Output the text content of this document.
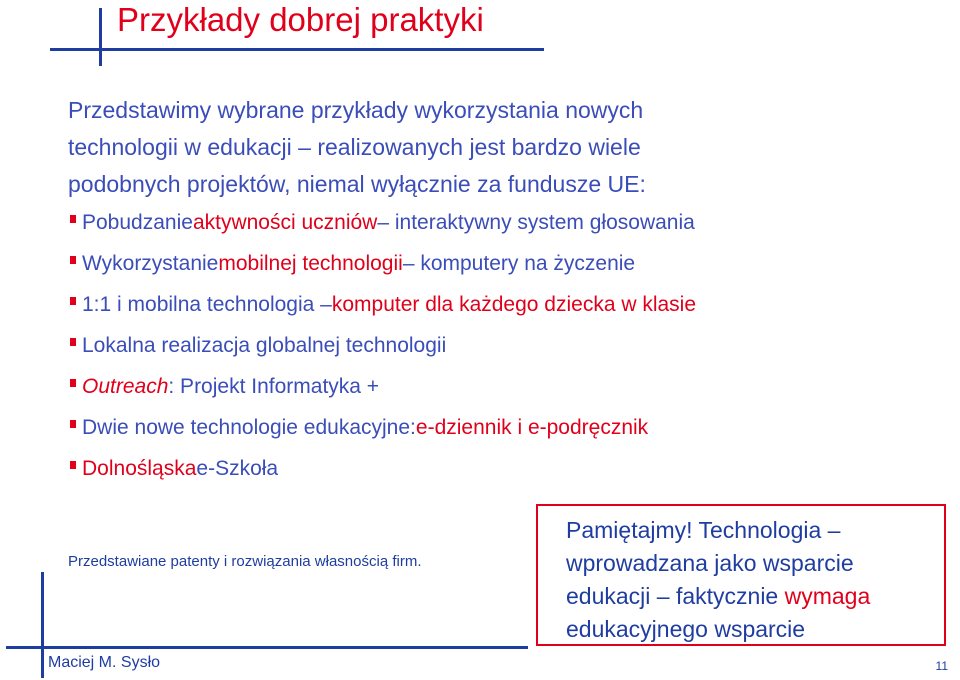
Przykłady dobrej praktyki
Przedstawimy wybrane przykłady wykorzystania nowych
technologii w edukacji – realizowanych jest bardzo wiele
podobnych projektów, niemal wyłącznie za fundusze UE:
Pobudzanie aktywności uczniów – interaktywny system głosowania
Wykorzystanie mobilnej technologii – komputery na życzenie
1:1 i mobilna technologia – komputer dla każdego dziecka w klasie
Lokalna realizacja globalnej technologii
Outreach : Projekt Informatyka +
Dwie nowe technologie edukacyjne: e-dziennik i e-podręcznik
Dolnośląska e-Szkoła
Przedstawiane patenty i rozwiązania własnością firm.
Pamiętajmy! Technologia –
wprowadzana jako wsparcie
edukacji – faktycznie wymaga
edukacyjnego wsparcie
Maciej M. Sysło	11
